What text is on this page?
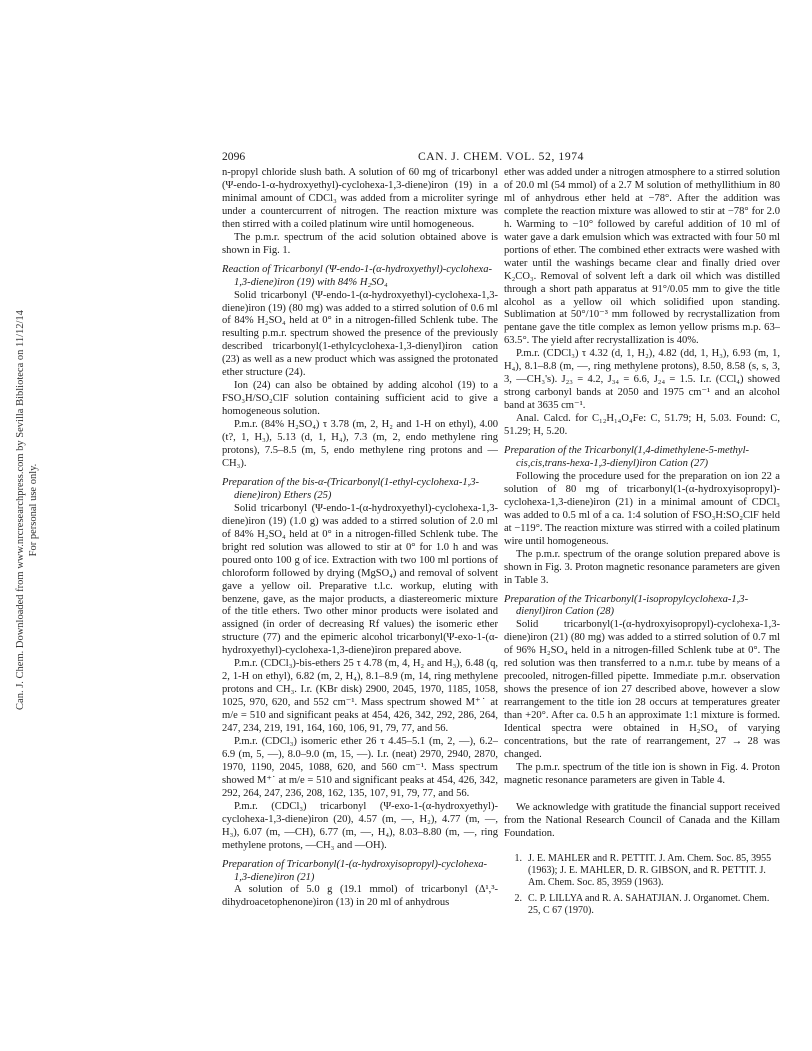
Can. J. Chem. Downloaded from www.nrcresearchpress.com by Sevilla Biblioteca on 11/12/14 For personal use only.
2096	CAN. J. CHEM. VOL. 52, 1974

n-propyl chloride slush bath. A solution of 60 mg of tricarbonyl (Ψ-endo-1-α-hydroxyethyl)-cyclohexa-1,3-diene)iron (19) in a minimal amount of CDCl₃ was added from a microliter syringe under a countercurrent of nitrogen. The reaction mixture was then stirred with a coiled platinum wire until homogeneous.

The p.m.r. spectrum of the acid solution obtained above is shown in Fig. 1.

Reaction of Tricarbonyl (Ψ-endo-1-(α-hydroxyethyl)-cyclohexa-1,3-diene)iron (19) with 84% H₂SO₄

Solid tricarbonyl (Ψ-endo-1-(α-hydroxyethyl)-cyclohexa-1,3-diene)iron (19) (80 mg) was added to a stirred solution of 0.6 ml of 84% H₂SO₄ held at 0° in a nitrogen-filled Schlenk tube. The resulting p.m.r. spectrum showed the presence of the previously described tricarbonyl(1-ethylcyclohexa-1,3-dienyl)iron cation (23) as well as a new product which was assigned the protonated ether structure (24).

Ion (24) can also be obtained by adding alcohol (19) to a FSO₃H/SO₂ClF solution containing sufficient acid to give a homogeneous solution.

P.m.r. (84% H₂SO₄) τ 3.78 (m, 2, H₂ and 1-H on ethyl), 4.00 (t?, 1, H₃), 5.13 (d, 1, H₄), 7.3 (m, 2, endo methylene ring protons), 7.5–8.5 (m, 5, endo methylene ring protons and —CH₃).

Preparation of the bis-α-(Tricarbonyl(1-ethyl-cyclohexa-1,3-diene)iron) Ethers (25)

Solid tricarbonyl (Ψ-endo-1-(α-hydroxyethyl)-cyclohexa-1,3-diene)iron (19) (1.0 g) was added to a stirred solution of 2.0 ml of 84% H₂SO₄ held at 0° in a nitrogen-filled Schlenk tube. The bright red solution was allowed to stir at 0° for 1.0 h and was poured onto 100 g of ice. Extraction with two 100 ml portions of chloroform followed by drying (MgSO₄) and removal of solvent gave a yellow oil. Preparative t.l.c. workup, eluting with benzene, gave, as the major products, a diastereomeric mixture of the title ethers. Two other minor products were isolated and assigned (in order of decreasing Rf values) the isomeric ether structure (77) and the epimeric alcohol tricarbonyl(Ψ-exo-1-(α-hydroxyethyl)-cyclohexa-1,3-diene)iron prepared above.

P.m.r. (CDCl₃)-bis-ethers 25 τ 4.78 (m, 4, H₂ and H₃), 6.48 (q, 2, 1-H on ethyl), 6.82 (m, 2, H₄), 8.1–8.9 (m, 14, ring methylene protons and CH₃. I.r. (KBr disk) 2900, 2045, 1970, 1185, 1058, 1025, 970, 620, and 552 cm⁻¹. Mass spectrum showed M⁺˙ at m/e = 510 and significant peaks at 454, 426, 342, 292, 286, 264, 247, 234, 219, 191, 164, 160, 106, 91, 79, 77, and 56.

P.m.r. (CDCl₃) isomeric ether 26 τ 4.45–5.1 (m, 2, —), 6.2–6.9 (m, 5, —), 8.0–9.0 (m, 15, —). I.r. (neat) 2970, 2940, 2870, 1970, 1190, 2045, 1088, 620, and 560 cm⁻¹. Mass spectrum showed M⁺˙ at m/e = 510 and significant peaks at 454, 426, 342, 292, 264, 247, 236, 208, 162, 135, 107, 91, 79, 77, and 56.

P.m.r. (CDCl₃) tricarbonyl (Ψ-exo-1-(α-hydroxyethyl)-cyclohexa-1,3-diene)iron (20), 4.57 (m, —, H₂), 4.77 (m, —, H₃), 6.07 (m, —CH), 6.77 (m, —, H₄), 8.03–8.80 (m, —, ring methylene protons, —CH₃ and —OH).

Preparation of Tricarbonyl(1-(α-hydroxyisopropyl)-cyclohexa-1,3-diene)iron (21)

A solution of 5.0 g (19.1 mmol) of tricarbonyl (Δ¹,³-dihydroacetophenone)iron (13) in 20 ml of anhydrous

ether was added under a nitrogen atmosphere to a stirred solution of 20.0 ml (54 mmol) of a 2.7 M solution of methyllithium in 80 ml of anhydrous ether held at −78°. After the addition was complete the reaction mixture was allowed to stir at −78° for 2.0 h. Warming to −10° followed by careful addition of 10 ml of water gave a dark emulsion which was extracted with four 50 ml portions of ether. The combined ether extracts were washed with water until the washings became clear and finally dried over K₂CO₃. Removal of solvent left a dark oil which was distilled through a short path apparatus at 91°/0.05 mm to give the title alcohol as a yellow oil which solidified upon standing. Sublimation at 50°/10⁻³ mm followed by recrystallization from pentane gave the title complex as lemon yellow prisms m.p. 63–63.5°. The yield after recrystallization is 40%.

P.m.r. (CDCl₃) τ 4.32 (d, 1, H₂), 4.82 (dd, 1, H₃), 6.93 (m, 1, H₄), 8.1–8.8 (m, —, ring methylene protons), 8.50, 8.58 (s, s, 3, 3, —CH₃'s). J₂₃ = 4.2, J₃₄ = 6.6, J₂₄ = 1.5. I.r. (CCl₄) showed strong carbonyl bands at 2050 and 1975 cm⁻¹ and an alcohol band at 3635 cm⁻¹.

Anal. Calcd. for C₁₂H₁₄O₄Fe: C, 51.79; H, 5.03. Found: C, 51.29; H, 5.20.

Preparation of the Tricarbonyl(1,4-dimethylene-5-methyl-cis,cis,trans-hexa-1,3-dienyl)iron Cation (27)

Following the procedure used for the preparation on ion 22 a solution of 80 mg of tricarbonyl(1-(α-hydroxyisopropyl)-cyclohexa-1,3-diene)iron (21) in a minimal amount of CDCl₃ was added to 0.5 ml of a ca. 1:4 solution of FSO₃H:SO₂ClF held at −119°. The reaction mixture was stirred with a coiled platinum wire until homogeneous.

The p.m.r. spectrum of the orange solution prepared above is shown in Fig. 3. Proton magnetic resonance parameters are given in Table 3.

Preparation of the Tricarbonyl(1-isopropylcyclohexa-1,3-dienyl)iron Cation (28)

Solid tricarbonyl(1-(α-hydroxyisopropyl)-cyclohexa-1,3-diene)iron (21) (80 mg) was added to a stirred solution of 0.7 ml of 96% H₂SO₄ held in a nitrogen-filled Schlenk tube at 0°. The red solution was then transferred to a n.m.r. tube by means of a precooled, nitrogen-filled pipette. Immediate p.m.r. observation shows the presence of ion 27 described above, however a slow rearrangement to the title ion 28 occurs at temperatures greater than +20°. After ca. 0.5 h an approximate 1:1 mixture is formed. Identical spectra were obtained in H₂SO₄ of varying concentrations, but the rate of rearrangement, 27 → 28 was changed.

The p.m.r. spectrum of the title ion is shown in Fig. 4. Proton magnetic resonance parameters are given in Table 4.

We acknowledge with gratitude the financial support received from the National Research Council of Canada and the Killam Foundation.

1. J. E. MAHLER and R. PETTIT. J. Am. Chem. Soc. 85, 3955 (1963); J. E. MAHLER, D. R. GIBSON, and R. PETTIT. J. Am. Chem. Soc. 85, 3959 (1963).
2. C. P. LILLYA and R. A. SAHATJIAN. J. Organomet. Chem. 25, C 67 (1970).
